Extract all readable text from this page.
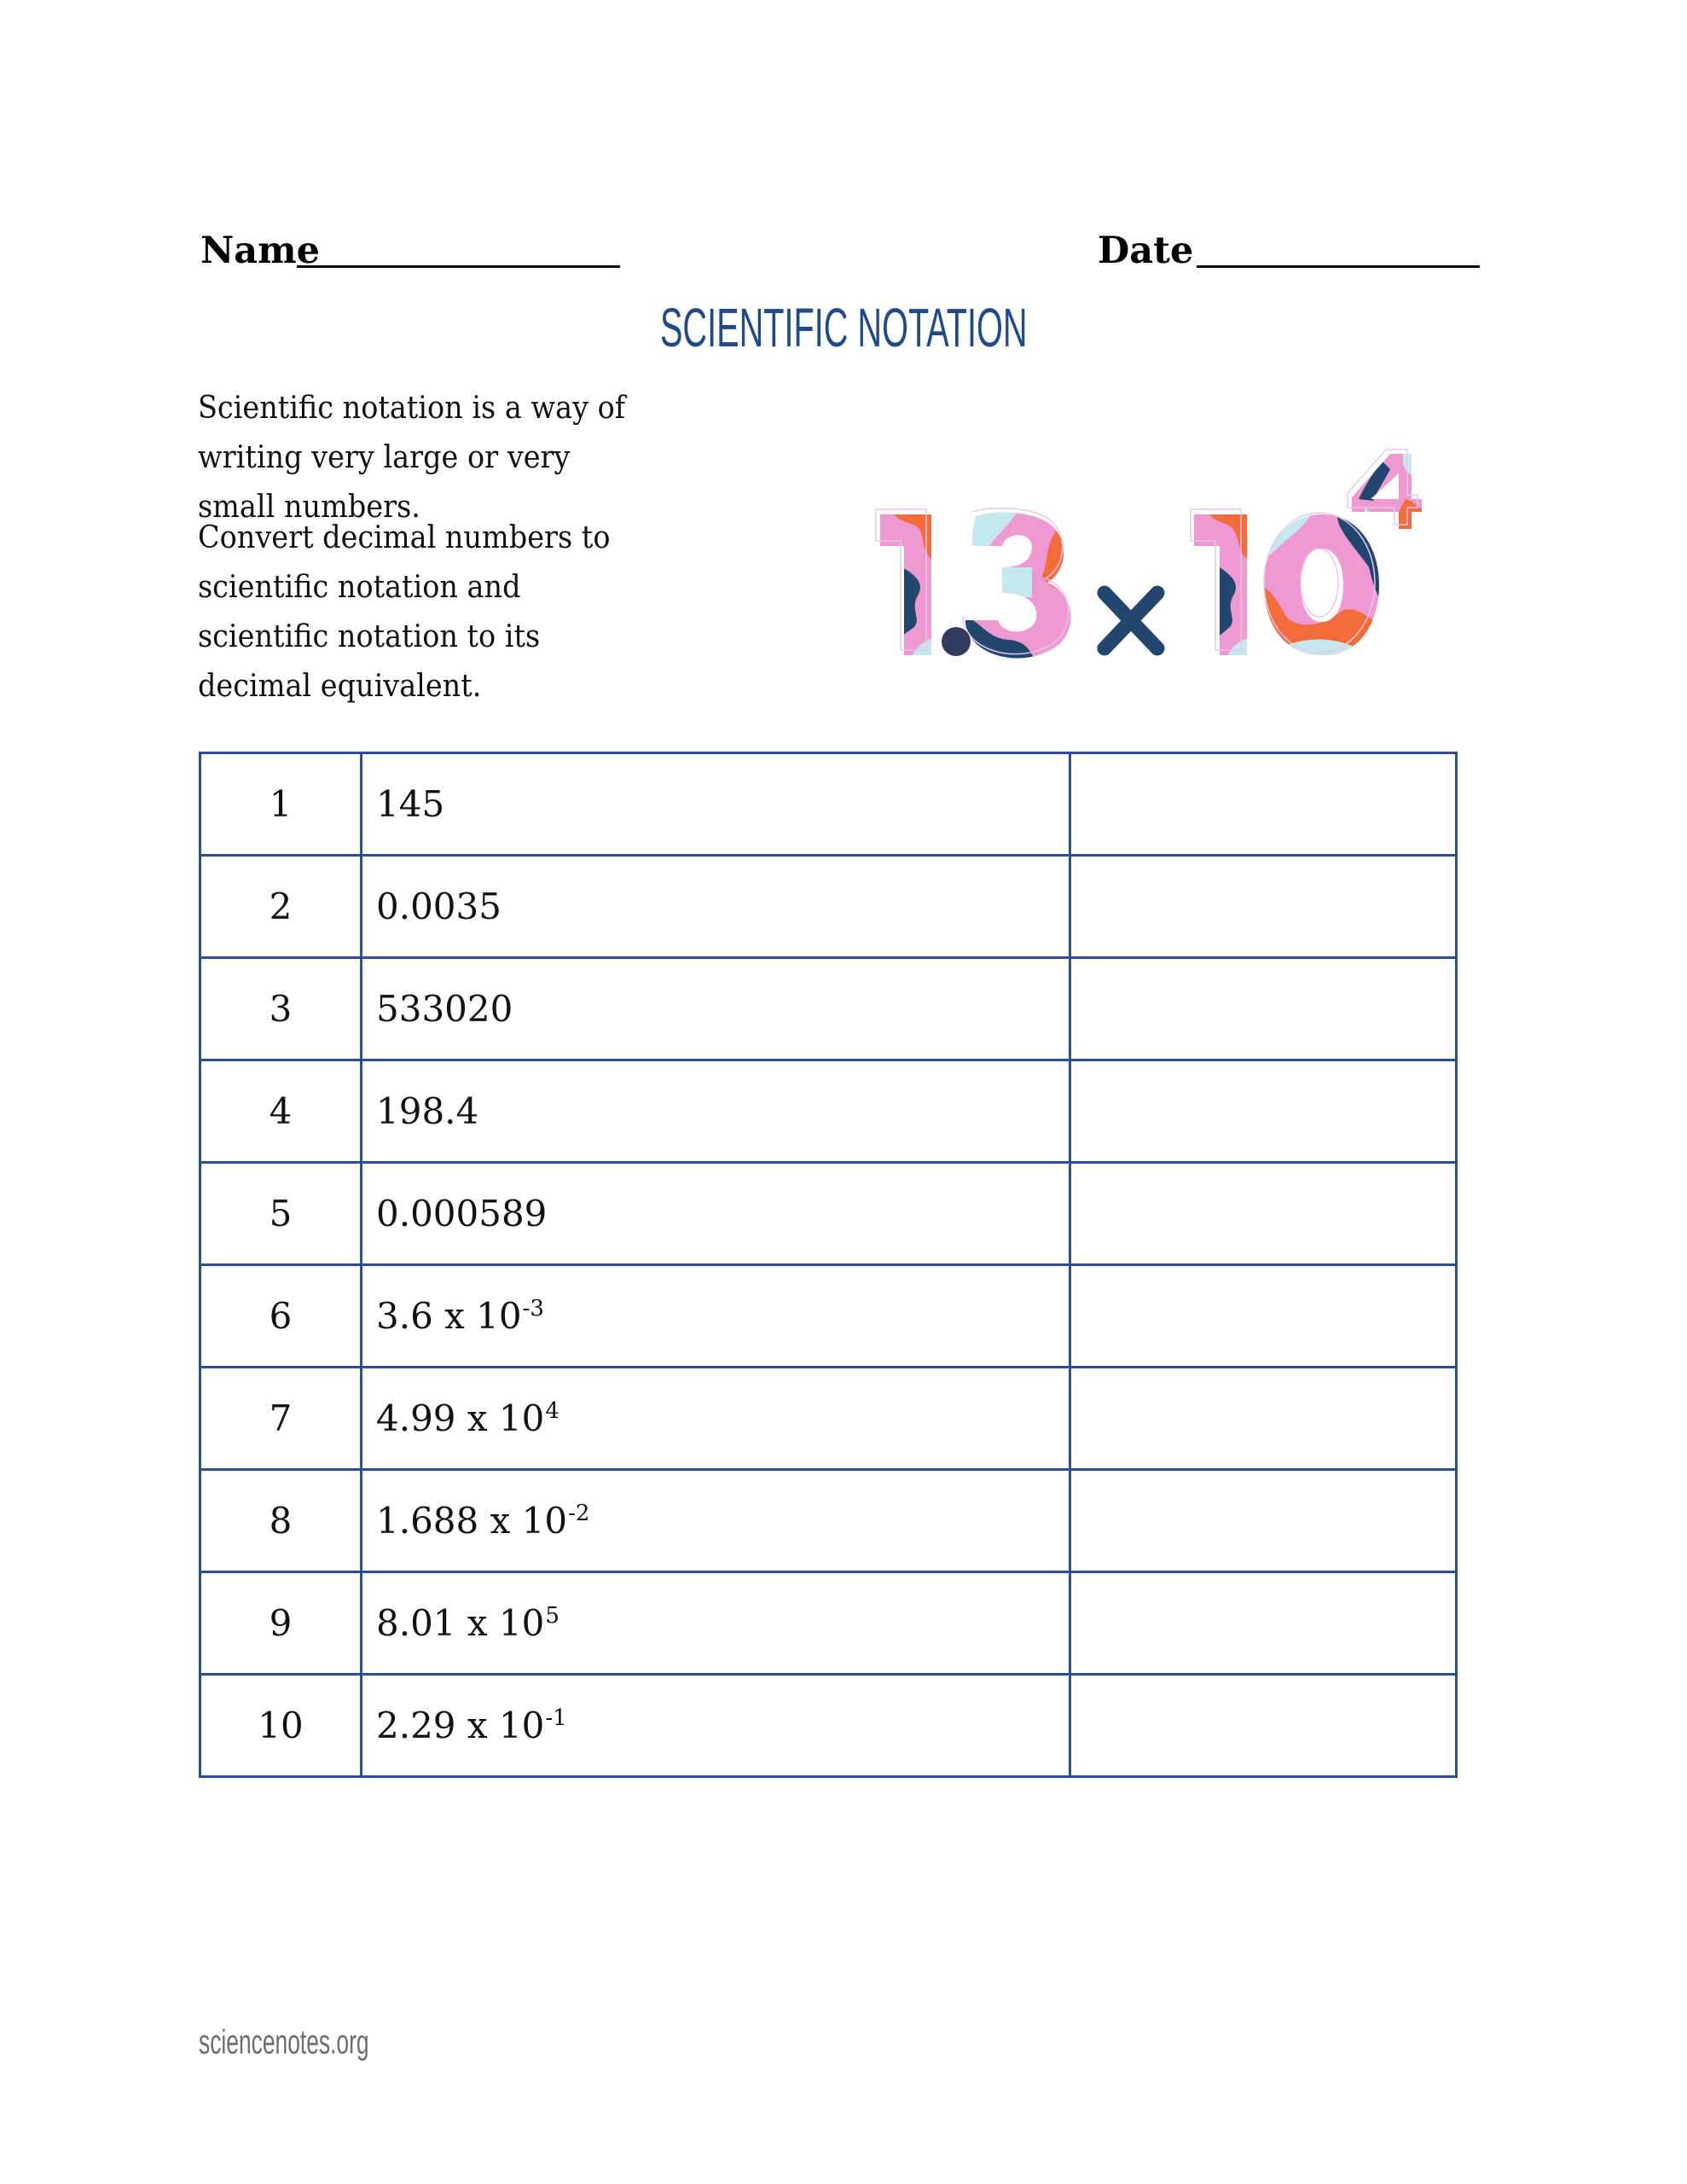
Name	Date
SCIENTIFIC NOTATION

Scientific notation is a way of writing very large or very small numbers.

Convert decimal numbers to scientific notation and scientific notation to its decimal equivalent.

1	145	
2	0.0035	
3	533020	
4	198.4	
5	0.000589	
6	3.6 x $10^{-3}$	
7	4.99 x $10^4$	
8	1.688 x $10^{-2}$	
9	8.01 x $10^5$	
10	2.29 x $10^{-1}$	
sciencenotes.org
